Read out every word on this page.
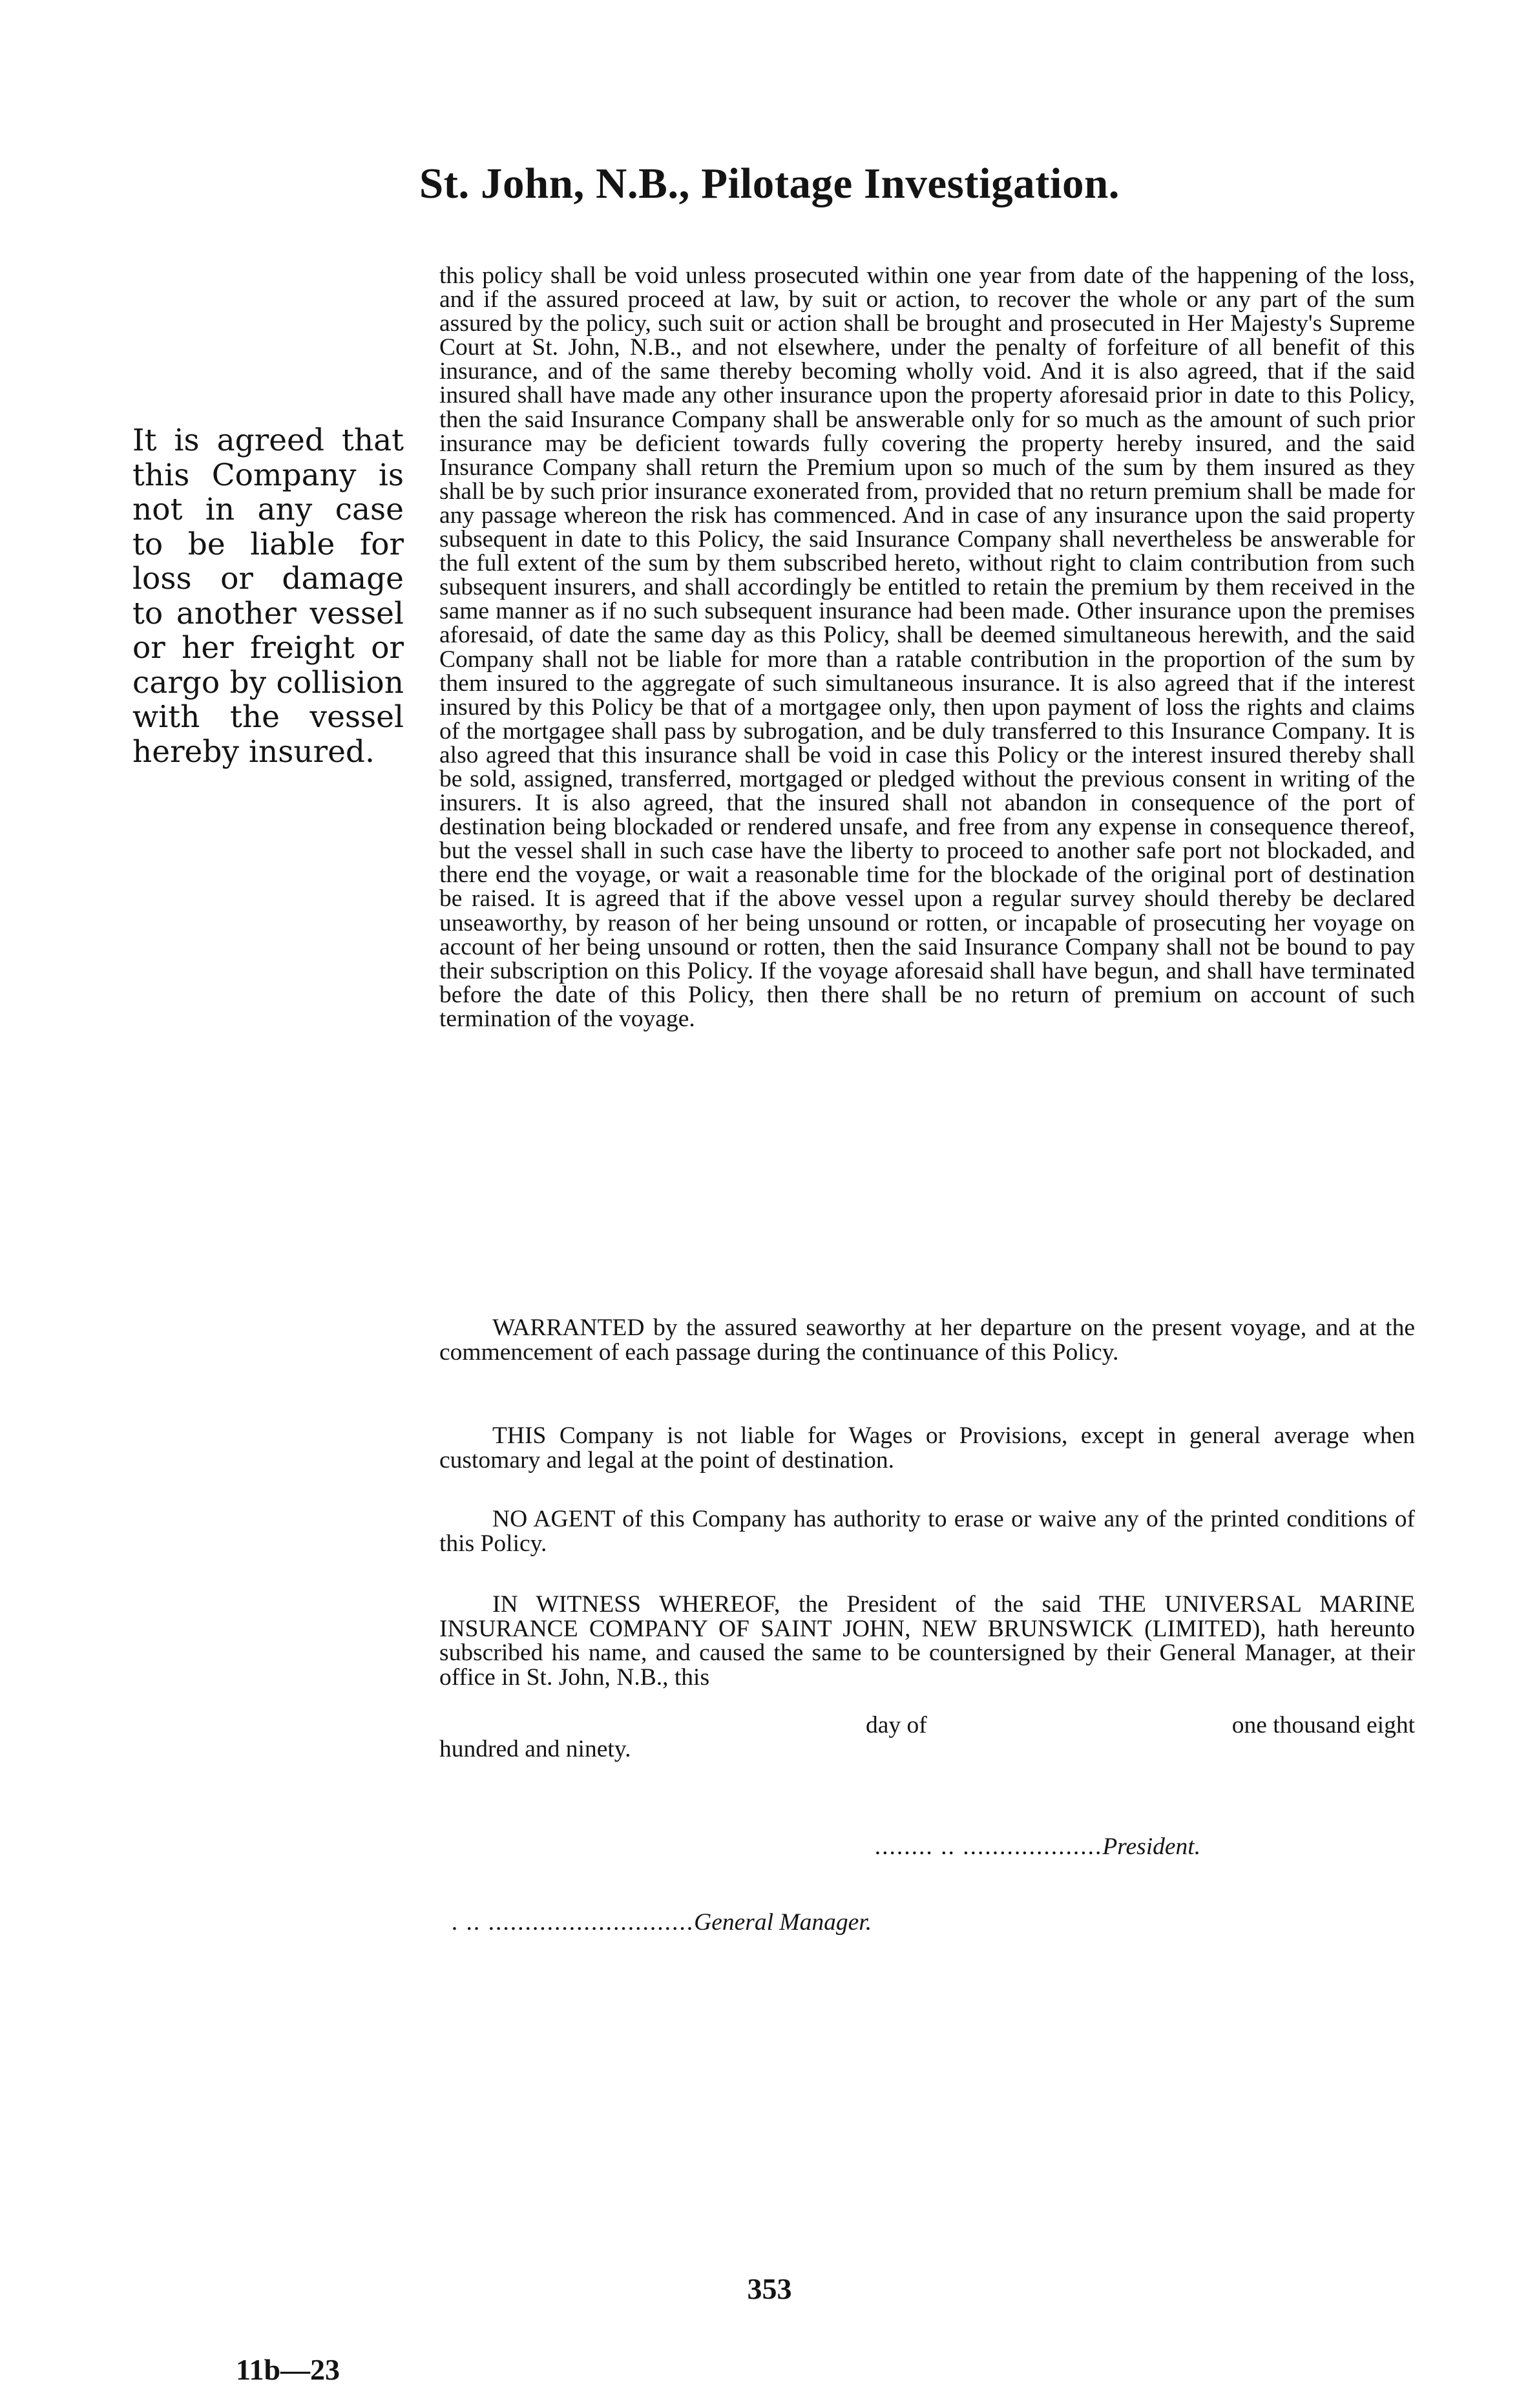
St. John, N.B., Pilotage Investigation.
It is agreed that this Company is not in any case to be liable for loss or damage to another vessel or her freight or cargo by collision with the vessel hereby insured.

this policy shall be void unless prosecuted within one year from date of the happening of the loss, and if the assured proceed at law, by suit or action, to recover the whole or any part of the sum assured by the policy, such suit or action shall be brought and prosecuted in Her Majesty's Supreme Court at St. John, N.B., and not elsewhere, under the penalty of forfeiture of all benefit of this insurance, and of the same thereby becoming wholly void. And it is also agreed, that if the said insured shall have made any other insurance upon the property aforesaid prior in date to this Policy, then the said Insurance Company shall be answerable only for so much as the amount of such prior insurance may be deficient towards fully covering the property hereby insured, and the said Insurance Company shall return the Premium upon so much of the sum by them insured as they shall be by such prior insurance exonerated from, provided that no return premium shall be made for any passage whereon the risk has commenced. And in case of any insurance upon the said property subsequent in date to this Policy, the said Insurance Company shall nevertheless be answerable for the full extent of the sum by them subscribed hereto, without right to claim contribution from such subsequent insurers, and shall accordingly be entitled to retain the premium by them received in the same manner as if no such subsequent insurance had been made. Other insurance upon the premises aforesaid, of date the same day as this Policy, shall be deemed simultaneous herewith, and the said Company shall not be liable for more than a ratable contribution in the proportion of the sum by them insured to the aggregate of such simultaneous insurance. It is also agreed that if the interest insured by this Policy be that of a mortgagee only, then upon payment of loss the rights and claims of the mortgagee shall pass by subrogation, and be duly transferred to this Insurance Company. It is also agreed that this insurance shall be void in case this Policy or the interest insured thereby shall be sold, assigned, transferred, mortgaged or pledged without the previous consent in writing of the insurers. It is also agreed, that the insured shall not abandon in consequence of the port of destination being blockaded or rendered unsafe, and free from any expense in consequence thereof, but the vessel shall in such case have the liberty to proceed to another safe port not blockaded, and there end the voyage, or wait a reasonable time for the blockade of the original port of destination be raised. It is agreed that if the above vessel upon a regular survey should thereby be declared unseaworthy, by reason of her being unsound or rotten, or incapable of prosecuting her voyage on account of her being unsound or rotten, then the said Insurance Company shall not be bound to pay their subscription on this Policy. If the voyage aforesaid shall have begun, and shall have terminated before the date of this Policy, then there shall be no return of premium on account of such termination of the voyage.

WARRANTED by the assured seaworthy at her departure on the present voyage, and at the commencement of each passage during the continuance of this Policy.

THIS Company is not liable for Wages or Provisions, except in general average when customary and legal at the point of destination.

NO AGENT of this Company has authority to erase or waive any of the printed conditions of this Policy.

IN WITNESS WHEREOF, the President of the said THE UNIVERSAL MARINE INSURANCE COMPANY OF SAINT JOHN, NEW BRUNSWICK (LIMITED), hath hereunto subscribed his name, and caused the same to be countersigned by their General Manager, at their office in St. John, N.B., this

day of	one thousand eight
hundred and ninety.

........ .. ...................President.

. .. ............................General Manager.

353
11b—23
